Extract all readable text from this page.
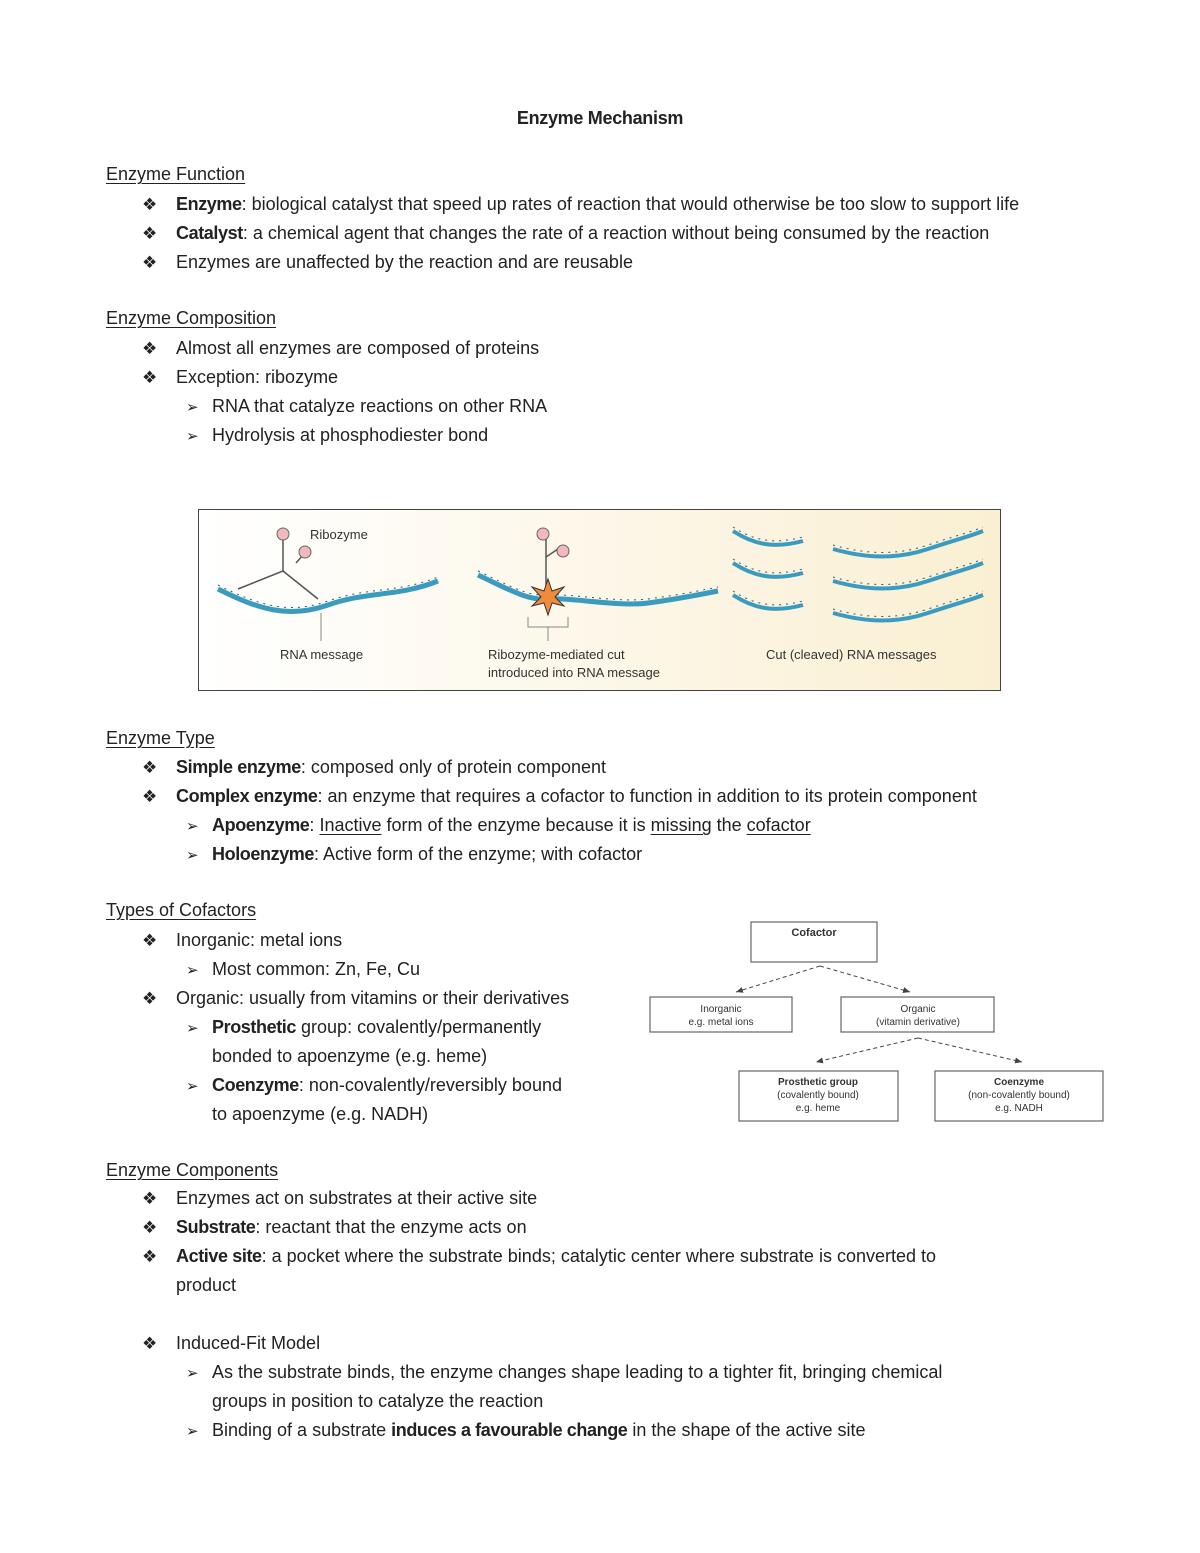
Enzyme Mechanism
Enzyme Function
❖ Enzyme: biological catalyst that speed up rates of reaction that would otherwise be too slow to support life
❖ Catalyst: a chemical agent that changes the rate of a reaction without being consumed by the reaction
❖ Enzymes are unaffected by the reaction and are reusable
Enzyme Composition
❖ Almost all enzymes are composed of proteins
❖ Exception: ribozyme
➢ RNA that catalyze reactions on other RNA
➢ Hydrolysis at phosphodiester bond
Ribozyme
RNA message	Ribozyme-mediated cut
introduced into RNA message
Cut (cleaved) RNA messages
Enzyme Type
❖ Simple enzyme: composed only of protein component
❖ Complex enzyme: an enzyme that requires a cofactor to function in addition to its protein component
➢ Apoenzyme: Inactive form of the enzyme because it is missing the cofactor
➢ Holoenzyme: Active form of the enzyme; with cofactor
Types of Cofactors
❖ Inorganic: metal ions
➢ Most common: Zn, Fe, Cu
❖ Organic: usually from vitamins or their derivatives
➢ Prosthetic group: covalently/permanently
bonded to apoenzyme (e.g. heme)
➢ Coenzyme: non-covalently/reversibly bound
to apoenzyme (e.g. NADH)
Cofactor
Inorganic
e.g. metal ions
Organic
(vitamin derivative)
Prosthetic group
(covalently bound)
e.g. heme
Coenzyme
(non-covalently bound)
e.g. NADH
Enzyme Components
❖ Enzymes act on substrates at their active site
❖ Substrate: reactant that the enzyme acts on
❖ Active site: a pocket where the substrate binds; catalytic center where substrate is converted to
product
❖ Induced-Fit Model
➢ As the substrate binds, the enzyme changes shape leading to a tighter fit, bringing chemical
groups in position to catalyze the reaction
➢ Binding of a substrate induces a favourable change in the shape of the active site
